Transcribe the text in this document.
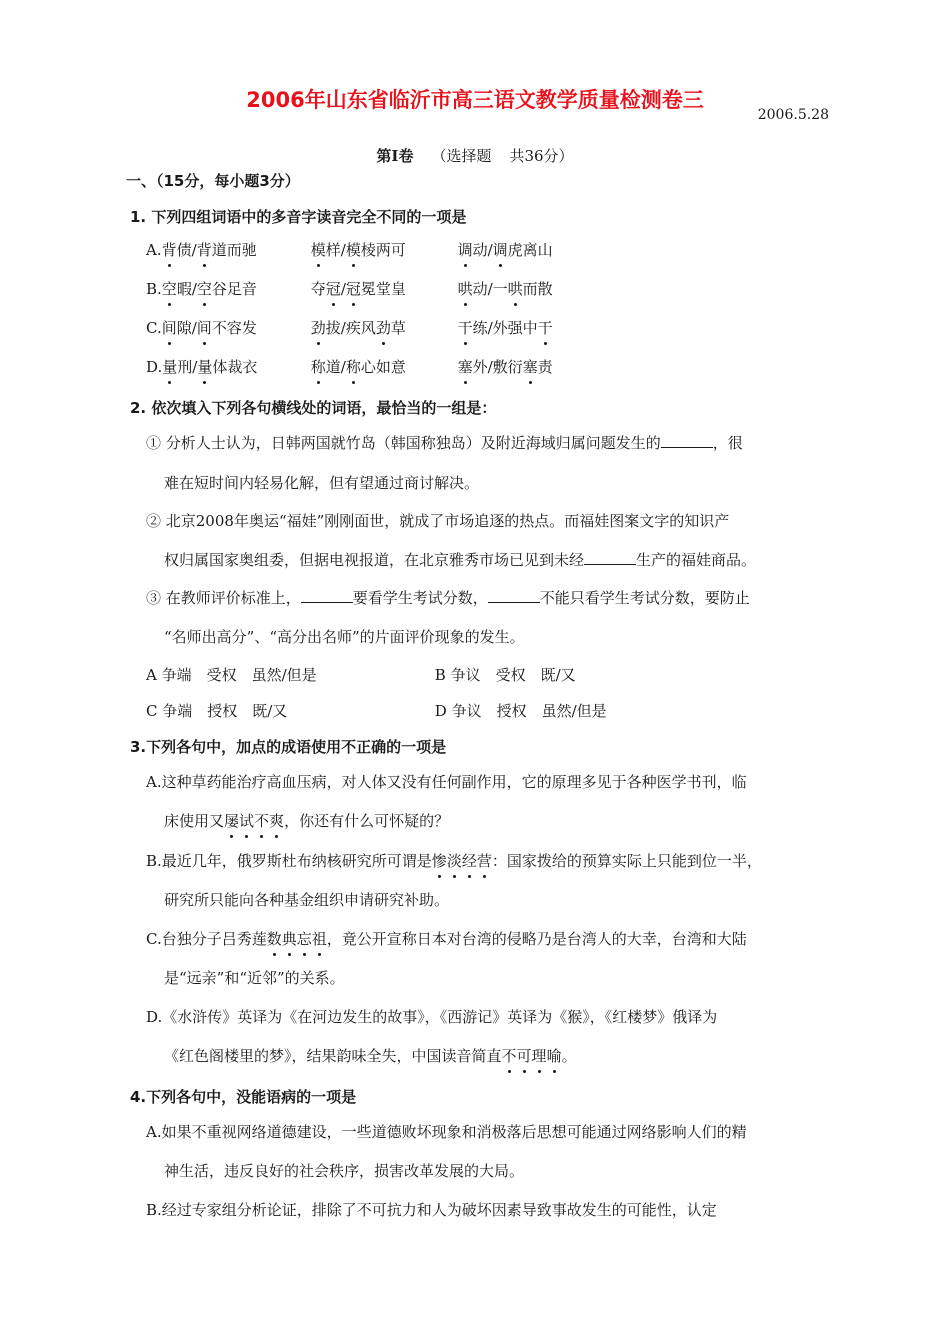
2006年山东省临沂市高三语文教学质量检测卷三
2006.5.28
第Ⅰ卷 （选择题 共36分）
一、（15分，每小题3分）
1. 下列四组词语中的多音字读音完全不同的一项是
A.背债/背道而驰	模样/模棱两可	调动/调虎离山
B.空暇/空谷足音	夺冠/冠冕堂皇	哄动/一哄而散
C.间隙/间不容发	劲拔/疾风劲草	干练/外强中干
D.量刑/量体裁衣	称道/称心如意	塞外/敷衍塞责
2. 依次填入下列各句横线处的词语，最恰当的一组是：
① 分析人士认为，日韩两国就竹岛（韩国称独岛）及附近海域归属问题发生的	，很
难在短时间内轻易化解，但有望通过商讨解决。
② 北京2008年奥运“福娃”刚刚面世，就成了市场追逐的热点。而福娃图案文字的知识产
权归属国家奥组委，但据电视报道，在北京雅秀市场已见到未经	生产的福娃商品。
③ 在教师评价标准上，	要看学生考试分数，	不能只看学生考试分数，要防止
“名师出高分”、“高分出名师”的片面评价现象的发生。
A 争端　受权　虽然/但是	B 争议　受权　既/又
C 争端　授权　既/又	D 争议　授权　虽然/但是
3.下列各句中，加点的成语使用不正确的一项是
A.这种草药能治疗高血压病，对人体又没有任何副作用，它的原理多见于各种医学书刊，临
床使用又屡试不爽，你还有什么可怀疑的？
B.最近几年，俄罗斯杜布纳核研究所可谓是惨淡经营：国家拨给的预算实际上只能到位一半，
研究所只能向各种基金组织申请研究补助。
C.台独分子吕秀莲数典忘祖，竟公开宣称日本对台湾的侵略乃是台湾人的大幸，台湾和大陆
是“远亲”和“近邻”的关系。
D.《水浒传》英译为《在河边发生的故事》，《西游记》英译为《猴》，《红楼梦》俄译为
《红色阁楼里的梦》，结果韵味全失，中国读音简直不可理喻。
4.下列各句中，没能语病的一项是
A.如果不重视网络道德建设，一些道德败坏现象和消极落后思想可能通过网络影响人们的精
神生活，违反良好的社会秩序，损害改革发展的大局。
B.经过专家组分析论证，排除了不可抗力和人为破坏因素导致事故发生的可能性，认定
